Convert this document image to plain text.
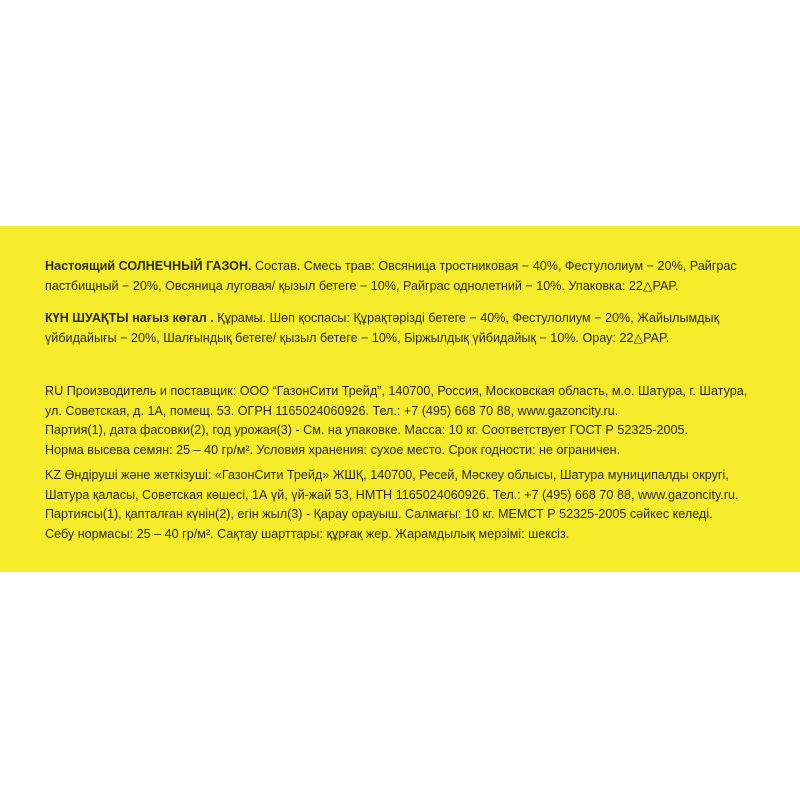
Настоящий СОЛНЕЧНЫЙ ГАЗОН. Состав. Смесь трав: Овсяница тростниковая − 40%, Фестулолиум − 20%, Райграс
пастбищный − 20%, Овсяница луговая/ қызыл бетеге − 10%, Райграс однолетний − 10%. Упаковка: 22△PAP.
КҮН ШУАҚТЫ нағыз көгал . Құрамы. Шөп қоспасы: Құрақтәрізді бетеге − 40%, Фестулолиум − 20%, Жайылымдық
үйбидайығы − 20%, Шалғындық бетеге/ қызыл бетеге − 10%, Біржылдық үйбидайық − 10%. Орау: 22△PAP.
RU Производитель и поставщик: ООО “ГазонСити Трейд”, 140700, Россия, Московская область, м.о. Шатура, г. Шатура,
ул. Советская, д. 1А, помещ. 53. ОГРН 1165024060926. Тел.: +7 (495) 668 70 88, www.gazoncity.ru.
Партия(1), дата фасовки(2), год урожая(3) - См. на упаковке. Масса: 10 кг. Соответствует ГОСТ Р 52325-2005.
Норма высева семян: 25 – 40 гр/м². Условия хранения: сухое место. Срок годности: не ограничен.
KZ Өндіруші және жеткізуші: «ГазонСити Трейд» ЖШҚ, 140700, Ресей, Мәскеу облысы, Шатура муниципалды округі,
Шатура қаласы, Советская көшесі, 1А үй, үй-жай 53, НМТН 1165024060926. Тел.: +7 (495) 668 70 88, www.gazoncity.ru.
Партиясы(1), қапталған күнін(2), егін жыл(3) - Қарау орауыш. Салмағы: 10 кг. МЕМСТ Р 52325-2005 сәйкес келеді.
Себу нормасы: 25 – 40 гр/м². Сақтау шарттары: құрғақ жер. Жарамдылық мерзімі: шексіз.
